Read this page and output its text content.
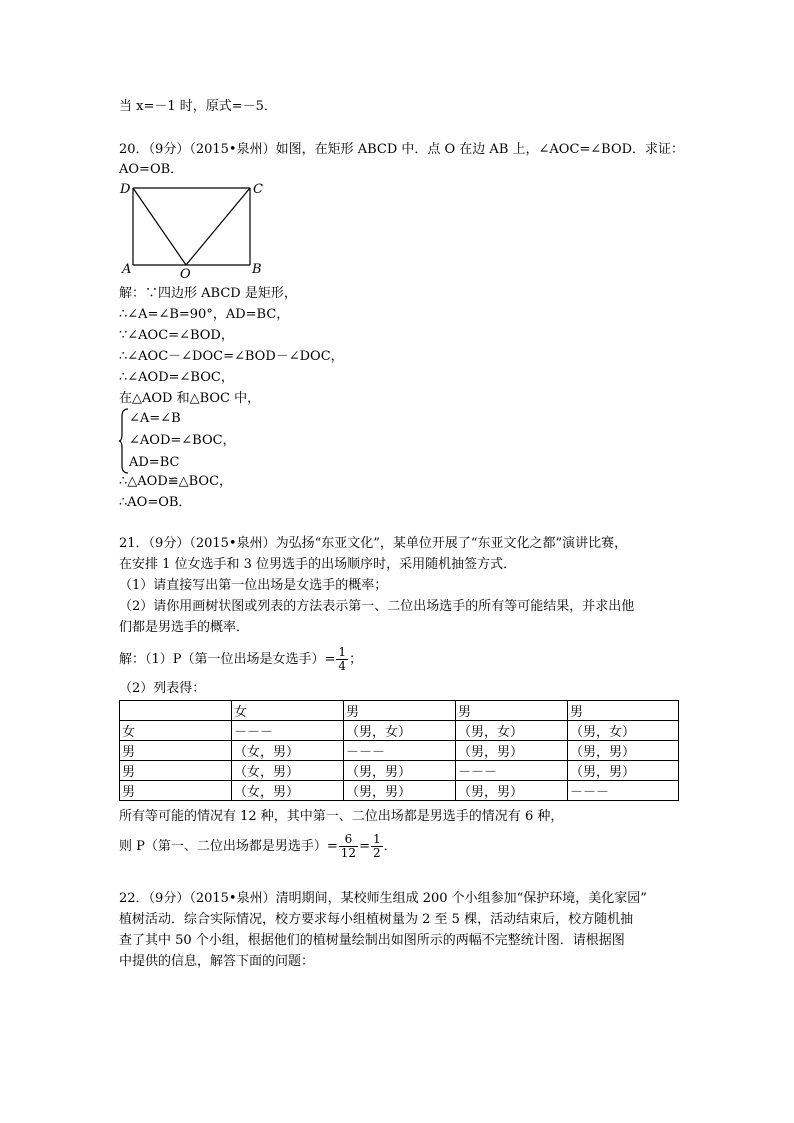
当 x=－1 时，原式=－5．
20．（9分）（2015•泉州）如图，在矩形 ABCD 中．点 O 在边 AB 上，∠AOC=∠BOD．求证：
AO=OB．
D	C
A	B
O
解：∵四边形 ABCD 是矩形，
∴∠A=∠B=90°，AD=BC，
∵∠AOC=∠BOD，
∴∠AOC－∠DOC=∠BOD－∠DOC，
∴∠AOD=∠BOC，
在△AOD 和△BOC 中，
∠A=∠B
∠AOD=∠BOC，
AD=BC
∴△AOD≌△BOC，
∴AO=OB．
21．（9分）（2015•泉州）为弘扬“东亚文化”，某单位开展了“东亚文化之都”演讲比赛，
在安排 1 位女选手和 3 位男选手的出场顺序时，采用随机抽签方式．
（1）请直接写出第一位出场是女选手的概率；
（2）请你用画树状图或列表的方法表示第一、二位出场选手的所有等可能结果，并求出他
们都是男选手的概率．
解：（1）P（第一位出场是女选手）= $\frac{1}{4}$ ；
（2）列表得：
	女	男	男	男
女	－－－	（男，女）	（男，女）	（男，女）
男	（女，男）	－－－	（男，男）	（男，男）
男	（女，男）	（男，男）	－－－	（男，男）
男	（女，男）	（男，男）	（男，男）	－－－
所有等可能的情况有 12 种，其中第一、二位出场都是男选手的情况有 6 种，
则 P（第一、二位出场都是男选手）= $\frac{6}{12} = \frac{1}{2}$ ．
22．（9分）（2015•泉州）清明期间，某校师生组成 200 个小组参加“保护环境，美化家园”
植树活动．综合实际情况，校方要求每小组植树量为 2 至 5 棵，活动结束后，校方随机抽
查了其中 50 个小组，根据他们的植树量绘制出如图所示的两幅不完整统计图．请根据图
中提供的信息，解答下面的问题：
